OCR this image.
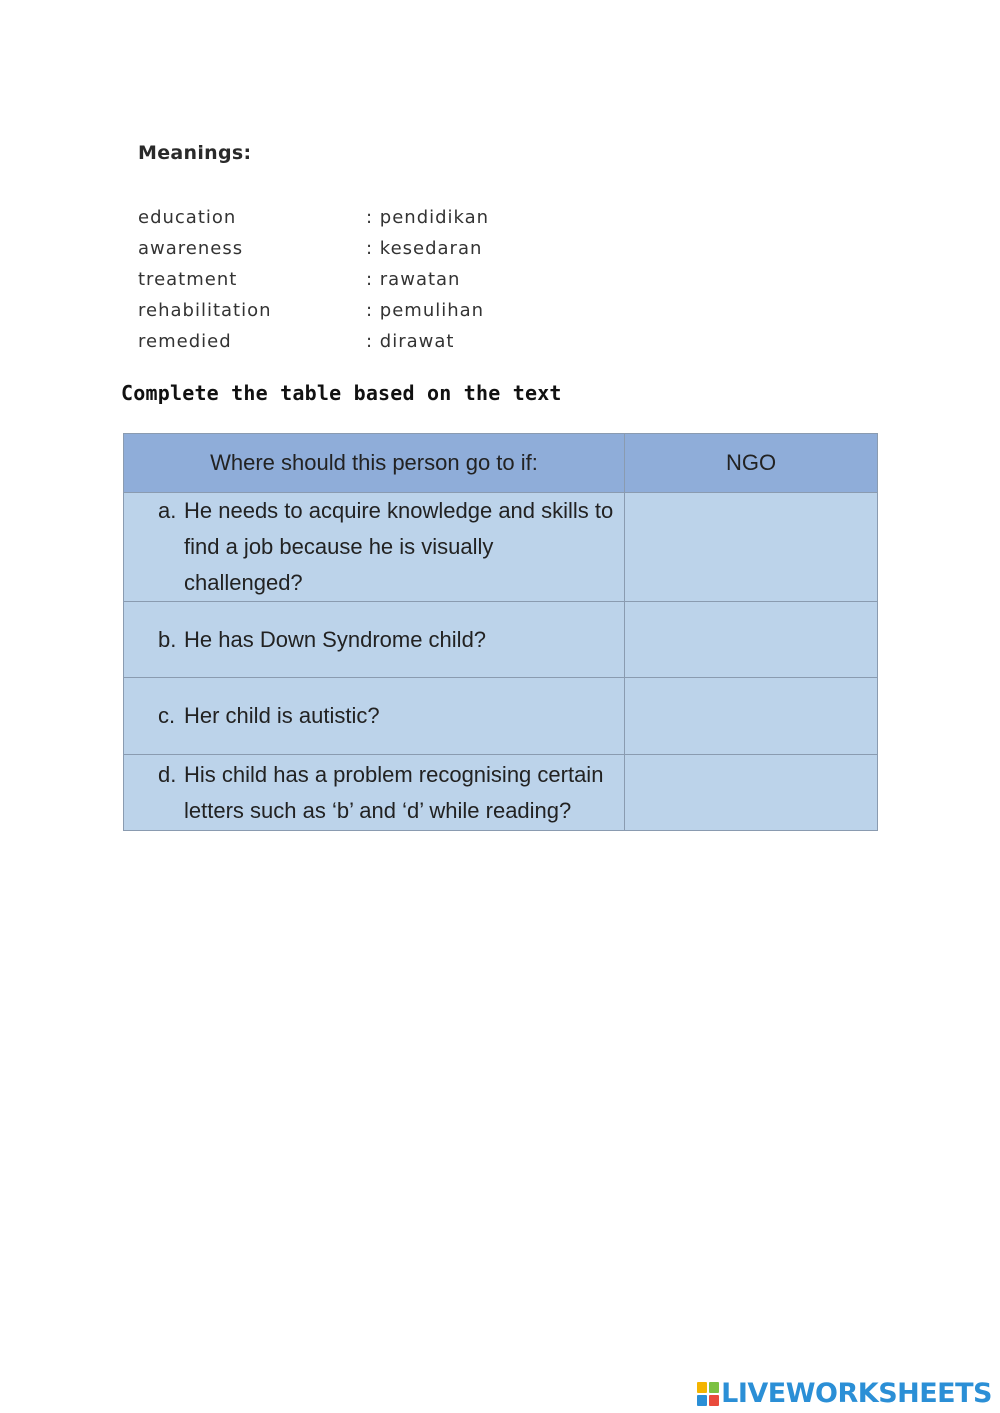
Meanings:
education	: pendidikan
awareness	: kesedaran
treatment	: rawatan
rehabilitation	: pemulihan
remedied	: dirawat
Complete the table based on the text
Where should this person go to if:	NGO

a. He needs to acquire knowledge and skills to find a job because he is visually challenged?	

b. He has Down Syndrome child?	

c. Her child is autistic?	

d. His child has a problem recognising certain letters such as ‘b’ and ‘d’ while reading?	

LIVEWORKSHEETS
